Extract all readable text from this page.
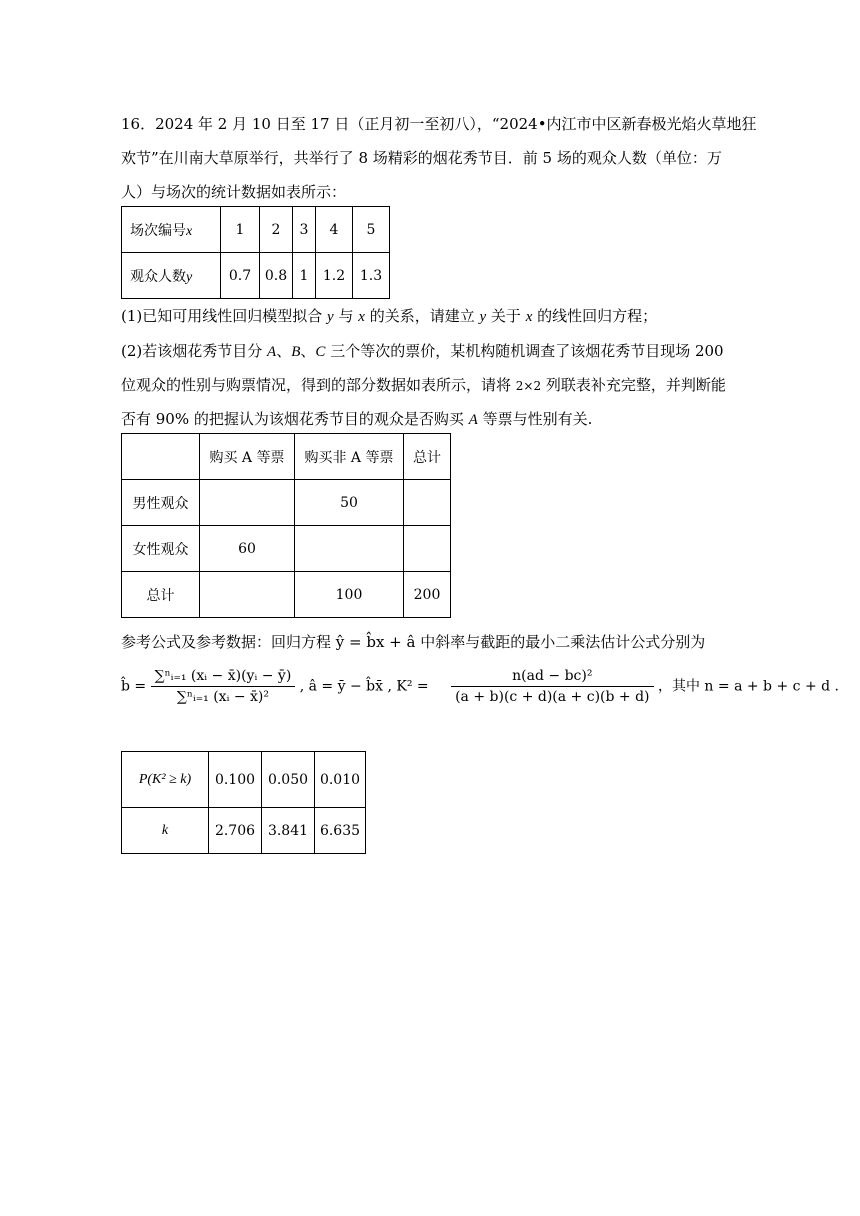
16．2024 年 2 月 10 日至 17 日（正月初一至初八），“2024•内江市中区新春极光焰火草地狂
欢节”在川南大草原举行，共举行了 8 场精彩的烟花秀节目．前 5 场的观众人数（单位：万
人）与场次的统计数据如表所示：
场次编号x	1	2	3	4	5
观众人数y	0.7	0.8	1	1.2	1.3
(1)已知可用线性回归模型拟合 y 与 x 的关系，请建立 y 关于 x 的线性回归方程；
(2)若该烟花秀节目分 A、B、C 三个等次的票价，某机构随机调查了该烟花秀节目现场 200
位观众的性别与购票情况，得到的部分数据如表所示，请将 2×2 列联表补充完整，并判断能
否有 90% 的把握认为该烟花秀节目的观众是否购买 A 等票与性别有关.
	购买 A 等票	购买非 A 等票	总计
男性观众		50	
女性观众	60		
总计		100	200
参考公式及参考数据：回归方程 ŷ = b̂x + â 中斜率与截距的最小二乘法估计公式分别为
b̂ = $\frac{\text{∑ⁿᵢ₌₁ (xᵢ − x̄)(yᵢ − ȳ)}}{\text{∑ⁿᵢ₌₁ (xᵢ − x̄)²}}$ , â = ȳ − b̂x̄ , $K^2 = \frac{\text{n(ad − bc)²}}{(a + b)(c + d)(a + c)(b + d)}$ ，其中 n = a + b + c + d .
P(K² ≥ k)	0.100	0.050	0.010
k	2.706	3.841	6.635
